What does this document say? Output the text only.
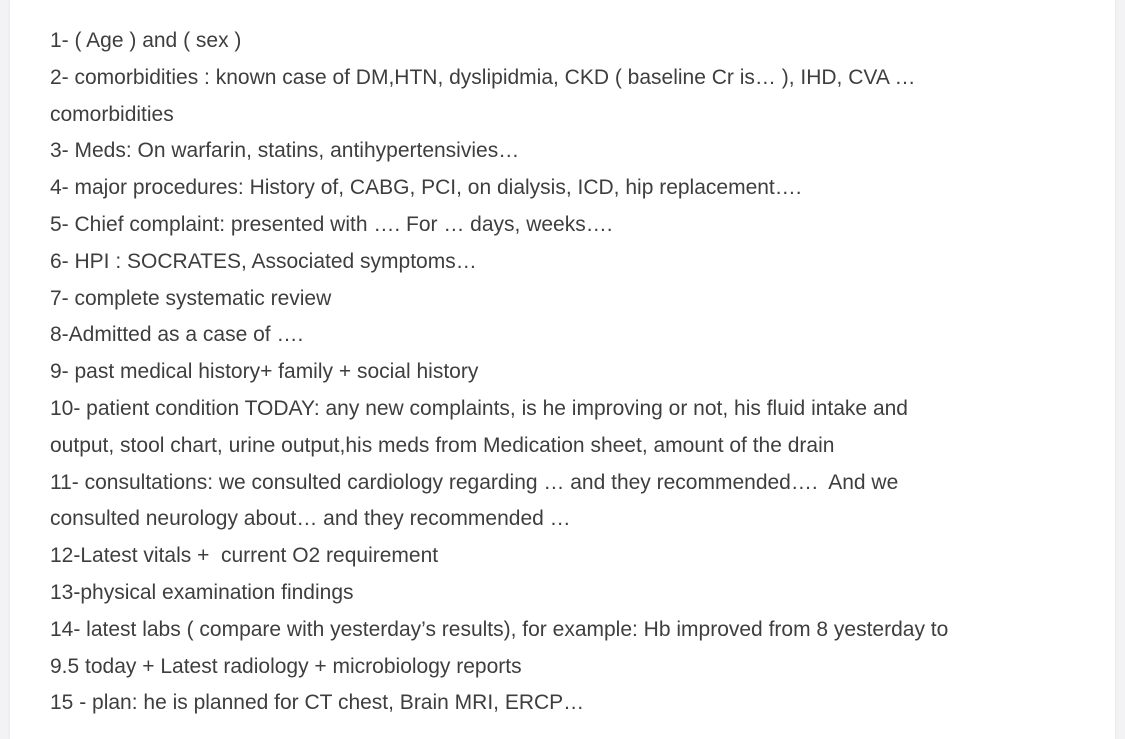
1- ( Age ) and ( sex )
2- comorbidities : known case of DM,HTN, dyslipidmia, CKD ( baseline Cr is… ), IHD, CVA …
comorbidities
3- Meds: On warfarin, statins, antihypertensivies…
4- major procedures: History of, CABG, PCI, on dialysis, ICD, hip replacement….
5- Chief complaint: presented with …. For … days, weeks….
6- HPI : SOCRATES, Associated symptoms…
7- complete systematic review
8-Admitted as a case of ….
9- past medical history+ family + social history
10- patient condition TODAY: any new complaints, is he improving or not, his fluid intake and
output, stool chart, urine output,his meds from Medication sheet, amount of the drain
11- consultations: we consulted cardiology regarding … and they recommended….  And we
consulted neurology about… and they recommended …
12-Latest vitals +  current O2 requirement
13-physical examination findings
14- latest labs ( compare with yesterday’s results), for example: Hb improved from 8 yesterday to
9.5 today + Latest radiology + microbiology reports
15 - plan: he is planned for CT chest, Brain MRI, ERCP…
